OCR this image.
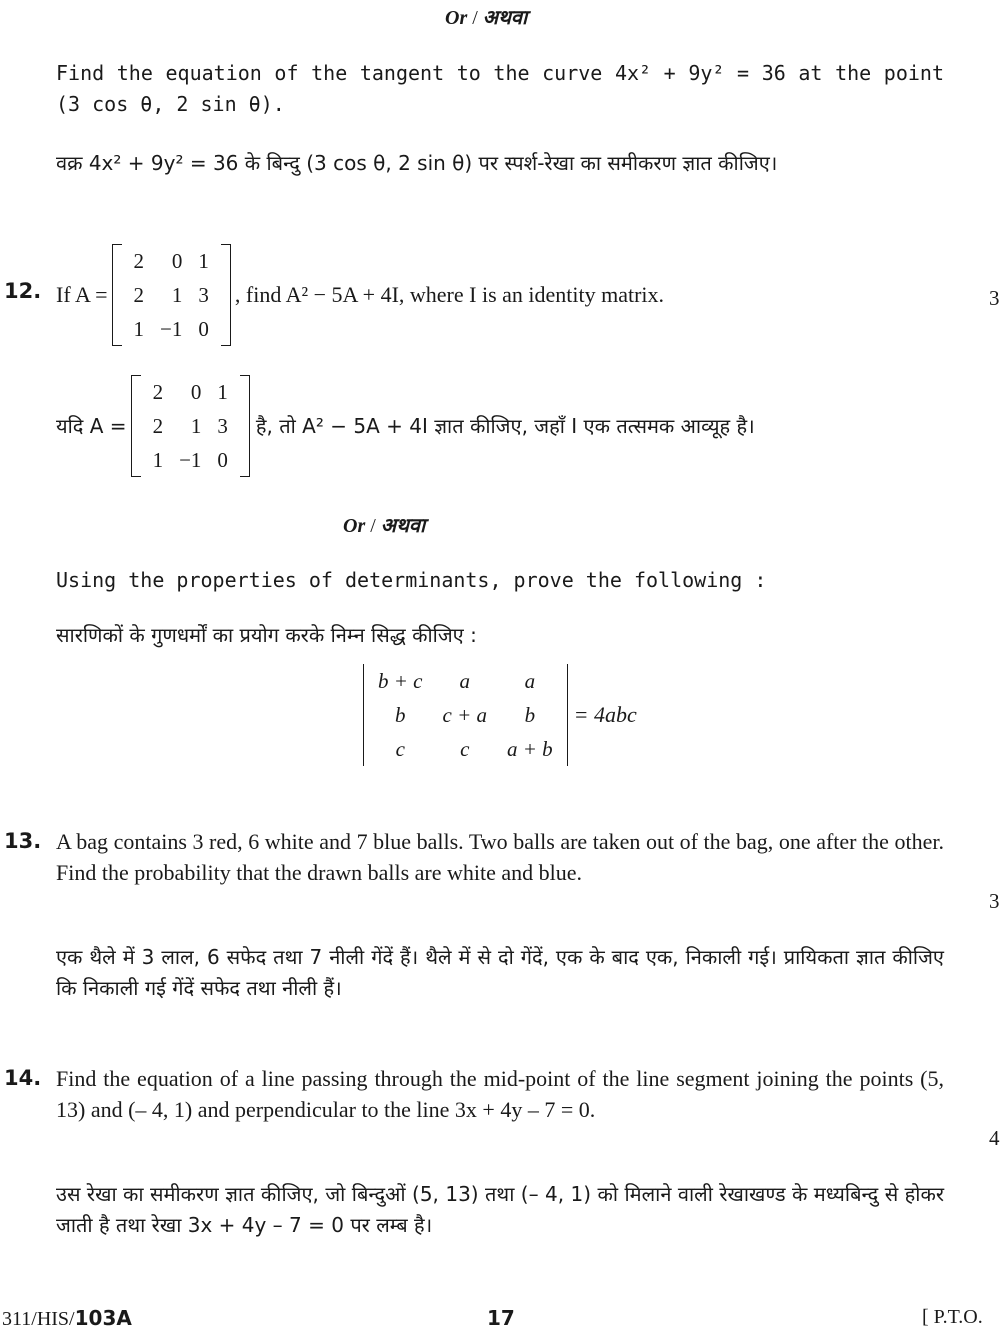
Or / अथवा
Find the equation of the tangent to the curve 4x² + 9y² = 36 at the point (3 cos θ, 2 sin θ).
वक्र 4x² + 9y² = 36 के बिन्दु (3 cos θ, 2 sin θ) पर स्पर्श-रेखा का समीकरण ज्ञात कीजिए।
12.	3
If A =
2	0 1
2	1 3
1 −1 0
, find A² − 5A + 4I, where I is an identity matrix.
यदि A =
2	0 1
2	1 3
1 −1 0
है, तो A² − 5A + 4I ज्ञात कीजिए, जहाँ I एक तत्समक आव्यूह है।
Or / अथवा
Using the properties of determinants, prove the following :
सारणिकों के गुणधर्मों का प्रयोग करके निम्न सिद्ध कीजिए :
b + c	a	a
b	c + a	b
c	c	a + b
= 4abc
13. A bag contains 3 red, 6 white and 7 blue balls. Two balls are taken out of the bag, one after the other. Find the probability that the drawn balls are white and blue.
3
एक थैले में 3 लाल, 6 सफेद तथा 7 नीली गेंदें हैं। थैले में से दो गेंदें, एक के बाद एक, निकाली गई। प्रायिकता ज्ञात कीजिए कि निकाली गई गेंदें सफेद तथा नीली हैं।
14. Find the equation of a line passing through the mid-point of the line segment joining the points (5, 13) and (– 4, 1) and perpendicular to the line 3x + 4y – 7 = 0.
4
उस रेखा का समीकरण ज्ञात कीजिए, जो बिन्दुओं (5, 13) तथा (– 4, 1) को मिलाने वाली रेखाखण्ड के मध्यबिन्दु से होकर जाती है तथा रेखा 3x + 4y – 7 = 0 पर लम्ब है।
311/HIS/103A	17	[ P.T.O.
